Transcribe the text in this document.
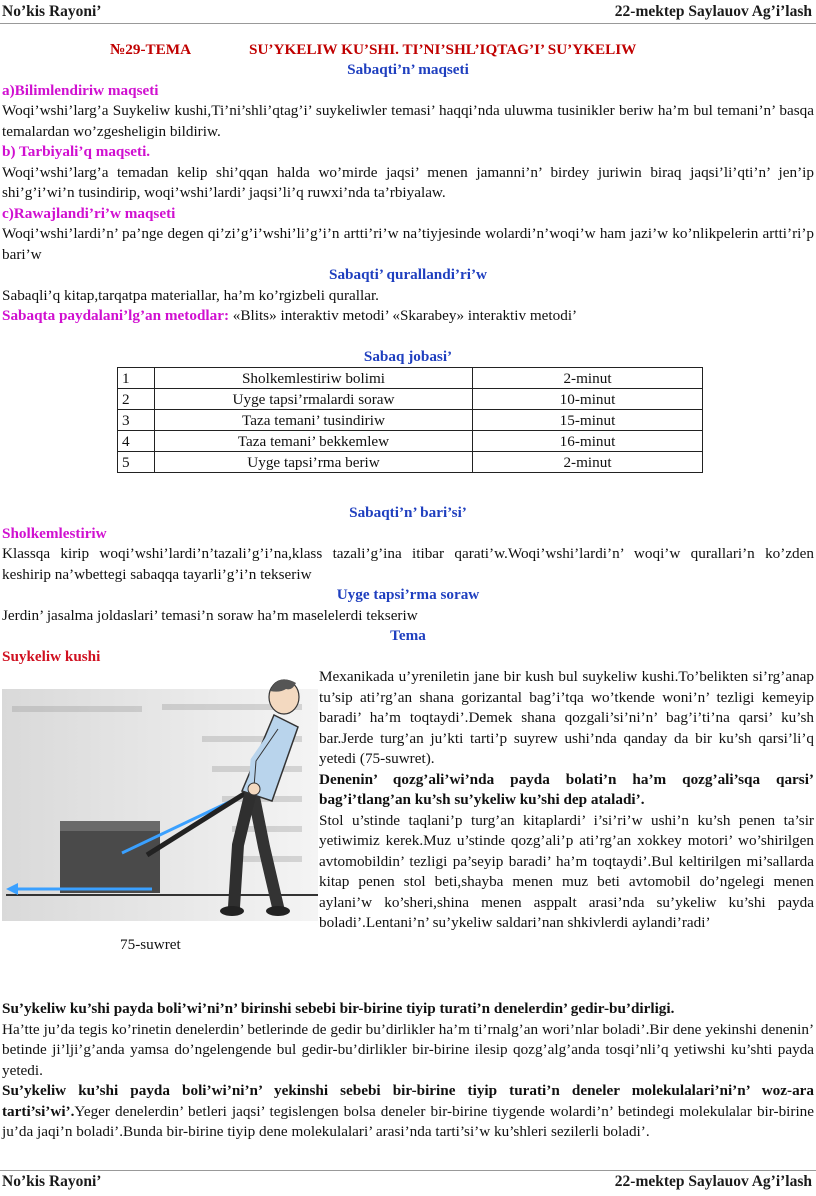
No’kis Rayoni’	22-mektep Saylauov Ag’i’lash
№29-TEMA	SU’YKELIW KU’SHI. TI’NI’SHL’IQTAG’I’ SU’YKELIW

Sabaqti’n’ maqseti

a)Bilimlendiriw maqseti

Woqi’wshi’larg’a Suykeliw kushi,Ti’ni’shli’qtag’i’ suykeliwler temasi’ haqqi’nda uluwma tusinikler beriw ha’m bul temani’n’ basqa temalardan wo’zgesheligin bildiriw.

b) Tarbiyali’q maqseti.

Woqi’wshi’larg’a temadan kelip shi’qqan halda wo’mirde jaqsi’ menen jamanni’n’ birdey juriwin biraq jaqsi’li’qti’n’ jen’ip shi’g’i’wi’n tusindirip, woqi’wshi’lardi’ jaqsi’li’q ruwxi’nda ta’rbiyalaw.

c)Rawajlandi’ri’w maqseti

Woqi’wshi’lardi’n’ pa’nge degen qi’zi’g’i’wshi’li’g’i’n artti’ri’w na’tiyjesinde wolardi’n’woqi’w ham jazi’w ko’nlikpelerin artti’ri’p bari’w

Sabaqti’ qurallandi’ri’w

Sabaqli’q kitap,tarqatpa materiallar, ha’m ko’rgizbeli qurallar.

Sabaqta paydalani’lg’an metodlar: «Blits» interaktiv metodi’ «Skarabey» interaktiv metodi’

Sabaq jobasi’

1	Sholkemlestiriw bolimi	2-minut
2	Uyge tapsi’rmalardi soraw	10-minut
3	Taza temani’ tusindiriw	15-minut
4	Taza temani’ bekkemlew	16-minut
5	Uyge tapsi’rma beriw	2-minut

Sabaqti’n’ bari’si’

Sholkemlestiriw

Klassqa kirip woqi’wshi’lardi’n’tazali’g’i’na,klass tazali’g’ina itibar qarati’w.Woqi’wshi’lardi’n’ woqi’w qurallari’n ko’zden keshirip na’wbettegi sabaqqa tayarli’g’i’n tekseriw

Uyge tapsi’rma soraw

Jerdin’ jasalma joldaslari’ temasi’n soraw ha’m maselelerdi tekseriw

Tema

Suykeliw kushi

75-suwret

Mexanikada u’yreniletin jane bir kush bul suykeliw kushi.To’belikten si’rg’anap tu’sip ati’rg’an shana gorizantal bag’i’tqa wo’tkende woni’n’ tezligi kemeyip baradi’ ha’m toqtaydi’.Demek shana qozgali’si’ni’n’ bag’i’ti’na qarsi’ ku’sh bar.Jerde turg’an ju’kti tarti’p suyrew ushi’nda qanday da bir ku’sh qarsi’li’q yetedi (75-suwret).

Denenin’ qozg’ali’wi’nda payda bolati’n ha’m qozg’ali’sqa qarsi’ bag’i’tlang’an ku’sh su’ykeliw ku’shi dep ataladi’.

Stol u’stinde taqlani’p turg’an kitaplardi’ i’si’ri’w ushi’n ku’sh penen ta’sir yetiwimiz kerek.Muz u’stinde qozg’ali’p ati’rg’an xokkey motori’ wo’shirilgen avtomobildin’ tezligi pa’seyip baradi’ ha’m toqtaydi’.Bul keltirilgen mi’sallarda kitap penen stol beti,shayba menen muz beti avtomobil do’ngelegi menen aylani’w ko’sheri,shina menen asppalt arasi’nda su’ykeliw ku’shi payda boladi’.Lentani’n’ su’ykeliw saldari’nan shkivlerdi aylandi’radi’

Su’ykeliw ku’shi payda boli’wi’ni’n’ birinshi sebebi bir-birine tiyip turati’n denelerdin’ gedir-bu’dirligi.
Ha’tte ju’da tegis ko’rinetin denelerdin’ betlerinde de gedir bu’dirlikler ha’m ti’rnalg’an wori’nlar boladi’.Bir dene yekinshi denenin’ betinde ji’lji’g’anda yamsa do’ngelengende bul gedir-bu’dirlikler bir-birine ilesip qozg’alg’anda tosqi’nli’q yetiwshi ku’shti payda yetedi.

Su’ykeliw ku’shi payda boli’wi’ni’n’ yekinshi sebebi bir-birine tiyip turati’n deneler molekulalari’ni’n’ woz-ara tarti’si’wi’.Yeger denelerdin’ betleri jaqsi’ tegislengen bolsa deneler bir-birine tiygende wolardi’n’ betindegi molekulalar bir-birine ju’da jaqi’n boladi’.Bunda bir-birine tiyip dene molekulalari’ arasi’nda tarti’si’w ku’shleri sezilerli boladi’.

No’kis Rayoni’	22-mektep Saylauov Ag’i’lash
